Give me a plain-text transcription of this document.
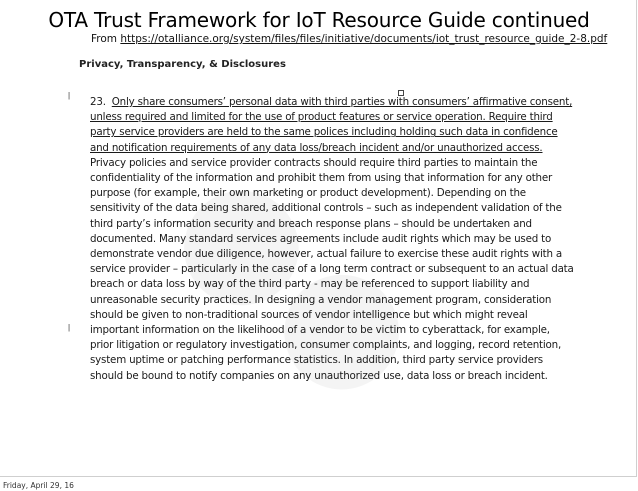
OTA Trust Framework for IoT Resource Guide continued
From https://otalliance.org/system/files/files/initiative/documents/iot_trust_resource_guide_2-8.pdf
Privacy, Transparency, & Disclosures
|
|
23. Only share consumers’ personal data with third parties with consumers’ affirmative consent, unless required and limited for the use of product features or service operation. Require third party service providers are held to the same polices including holding such data in confidence and notification requirements of any data loss/breach incident and/or unauthorized access. Privacy policies and service provider contracts should require third parties to maintain the confidentiality of the information and prohibit them from using that information for any other purpose (for example, their own marketing or product development). Depending on the sensitivity of the data being shared, additional controls – such as independent validation of the third party’s information security and breach response plans – should be undertaken and documented. Many standard services agreements include audit rights which may be used to demonstrate vendor due diligence, however, actual failure to exercise these audit rights with a service provider – particularly in the case of a long term contract or subsequent to an actual data breach or data loss by way of the third party - may be referenced to support liability and unreasonable security practices. In designing a vendor management program, consideration should be given to non-traditional sources of vendor intelligence but which might reveal important information on the likelihood of a vendor to be victim to cyberattack, for example, prior litigation or regulatory investigation, consumer complaints, and logging, record retention, system uptime or patching performance statistics. In addition, third party service providers should be bound to notify companies on any unauthorized use, data loss or breach incident.
Friday, April 29, 16
